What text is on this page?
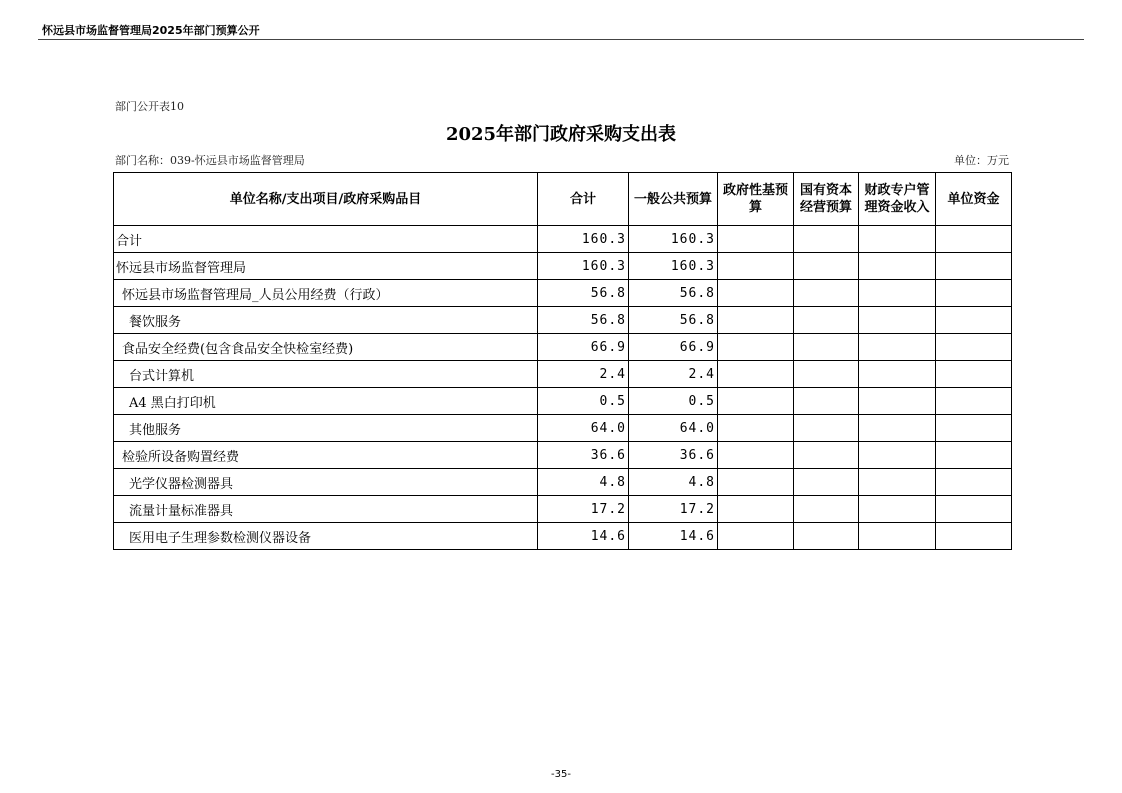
怀远县市场监督管理局2025年部门预算公开
部门公开表10
2025年部门政府采购支出表
部门名称：039-怀远县市场监督管理局	单位：万元
单位名称/支出项目/政府采购品目	合计	一般公共预算	政府性基预算	国有资本经营预算	财政专户管理资金收入	单位资金
合计	160.3	160.3				
怀远县市场监督管理局	160.3	160.3				
怀远县市场监督管理局_人员公用经费（行政）	56.8	56.8				
餐饮服务	56.8	56.8				
食品安全经费(包含食品安全快检室经费)	66.9	66.9				
台式计算机	2.4	2.4				
A4 黑白打印机	0.5	0.5				
其他服务	64.0	64.0				
检验所设备购置经费	36.6	36.6				
光学仪器检测器具	4.8	4.8				
流量计量标准器具	17.2	17.2				
医用电子生理参数检测仪器设备	14.6	14.6				
-35-
